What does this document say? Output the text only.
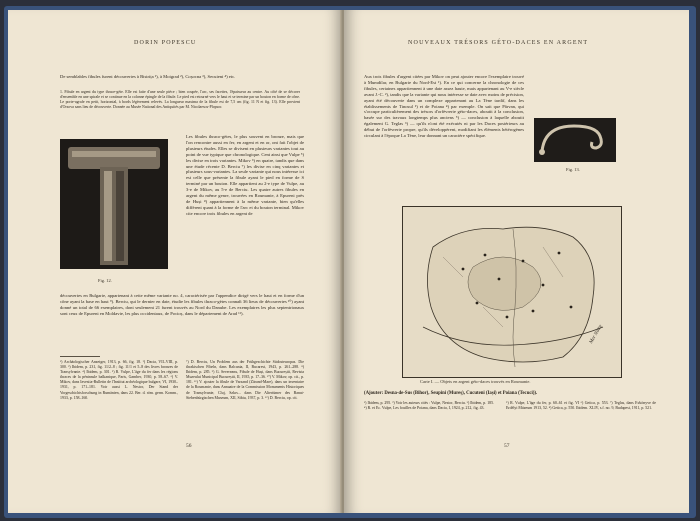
DORIN POPESCU
De semblables fibules furent découvertes à Bistrița ¹), à Moigrad ²), Coșocna ³), Secuieni ⁴) etc.
1. Fibule en argent du type thrace-gète. Elle est faite d'une seule pièce ; bien coupée, l'arc, ses facettes, l'épaisseur au centre. Au côté de se décorer d'ensemble en une spirale et se continue en la colonne épingle de la fibule. Le pied est retourné vers le haut et se termine par un bouton en forme de cône. Le porte-agrafe en petit, horizontal, à bords légèrement relevés. La longueur maxima de la fibule est de 7,5 cm (fig. 11 N et fig. 13). Elle provient d'Orsova sans lieu de découverte. Donnée au Musée National des Antiquités par M. Nicolaescu-Plopsor.
Fig. 12.
Les fibules thraco-gètes, le plus souvent en bronze, mais que l'on rencontre aussi en fer, en argent et en or, ont fait l'objet de plusieurs études. Elles se divisent en plusieurs variantes tout au point de vue typique que chronologique. Cent ainsi que Vulpe ⁵) les divise en trois variantes. Mikov ⁶) en quatre, tandis que dans une étude récente D. Berciu ⁷) les divise en cinq variantes et plusieurs sous-variantes. La seule variante qui nous intéresse ici est celle que présente la fibule ayant le pied en forme de S terminé par un bouton. Elle appartient au 2-e type de Vulpe, au 3-e de Mikov, au 5-e de Berciu. Les quatre autres fibules en argent du même genre, trouvées en Roumanie, à Epureni près de Huși ⁸) appartiennent à la même variante, bien qu'elles diffèrent quant à la forme de l'arc et du bouton terminal. Mikov cite encore trois fibules en argent de
découvertes en Bulgarie, appartenant à cette même variante no. 4, caractérisée par l'appendice dirigé vers le haut et en forme d'un cône ayant la base en haut ⁹). Berciu, qui le dernier en date, étudie les fibules thraco-gètes connaît 36 lieux de découvertes ¹⁰) ayant donné un total de 66 exemplaires, dont seulement 21 furent trouvés au Nord du Danube. Les exemplaires les plus septentrionaux sont ceux de Epureni en Moldavie, les plus occidentaux, de Pocioș, dans le département de Arad ¹¹).
¹) Archäologischer Anzeiger, 1913, p. 66, fig. 18. ²) Dacia, VII–VIII, p. 300. ³) Ibidem, p. 231, fig. 11/2–8 ; fig. 11/1 et 5–8 des livres bronzes de Transylvanie. ⁴) Ibidem, p. 301. ⁵) R. Vulpe, L'âge du fer dans les régions thraces de la péninsule balkanique, Paris, Gamber, 1930, p. 58–67. ⁶) V. Mikov, dans Izvestia-Bulletin de l'Institut archéologique bulgare, VI, 1930–1931, p. 171–181. Voir aussi L. Nestor, Der Stand der Vorgeschichtsforschung in Rumänien, dans 22. Ber. d. röm. germ. Komm., 1933, p. 158–160.
⁷) D. Berciu, Un Problem aus der Frühgeschichte Südosteuropas. Die thrakischen Fibeln, dans Balcania, II, Bucarest, 1943, p. 261–288. ⁸) Ibidem, p. 285. ⁹) G. Severeanu, Fibule de Huși, dans Bucureștii, Revista Muzeului Municipal Bucureștii, II, 1935, p. 17–36. ¹⁰) V. Mikov, op. cit., p. 181. ¹¹) V. ajouter la fibule de Varsand (Zărand-Mare), dans un inventaire de la Roumanie, dans Annuaire de la Commission Monuments Historiques de Transylvanie, Cluj, Szkrs... dans Die Altertümer des Banat-Siebenbürgischen Museum, XII, Sibiu, 1937, p. 3. ¹²) D. Berciu, op. cit.
56
NOUVEAUX TRÉSORS GÉTO-DACES EN ARGENT
Aux trois fibules d'argent citées par Mikov on peut ajouter encore l'exemplaire trouvé à Mumdilar, en Bulgarie du Nord-Est ¹). En ce qui concerne la chronologie de ces fibules, certaines appartiennent à une date assez haute, mais appartenant au V-e siècle avant J.-C. ²), tandis que la variante qui nous intéresse se date avec moins de précision, ayant été découverte dans un complexe appartenant au La Tène tardif, dans les établissements de Tinosul ³) et de Poiana ⁴) par exemple. On sait que Pârvan, qui s'occupe particulièrement des trésors d'orfèvrerie géto-daces, aboutit à la conclusion, basée sur des travaux longtemps plus anciens ⁵) — conclusion à laquelle aboutit également G. Teglas ⁶) — qu'ils n'ont été exécutés ni par les Daces postérieurs au début de l'orfèvrerie propre, qu'ils développèrent, modifiant les éléments hétérogènes circulant à l'époque La Tène, leur donnant un caractère spécifique.
Fig. 13.
Mer Noire
Carte I. — Objets en argent géto-daces trouvés en Roumanie.
(Ajouter: Desna-de-Sus (Bihor), Seupini (Mureș), Cucuteni (Iași) et Poiana (Tecuci)).
¹) Ibidem, p. 295. ²) Voir les auteurs cités : Vulpe, Nestor, Berciu. ³) Ibidem, p. 185. ⁴) R. et Ec. Vulpe, Les fouilles de Poiana, dans Dacia, I, 1924, p. 212, fig. 43.
⁵) R. Vulpe, L'âge du fer, p. 60–61 et fig. VI ⁶) Getica, p. 553. ⁷) Teglas, dans Évkönyve de Erdélyi Múzeum 1913, 52. ⁸) Getica, p. 550. Ibidem. XLIV, s.f. no. 9, Budapest, 1911, p. 521.
57
